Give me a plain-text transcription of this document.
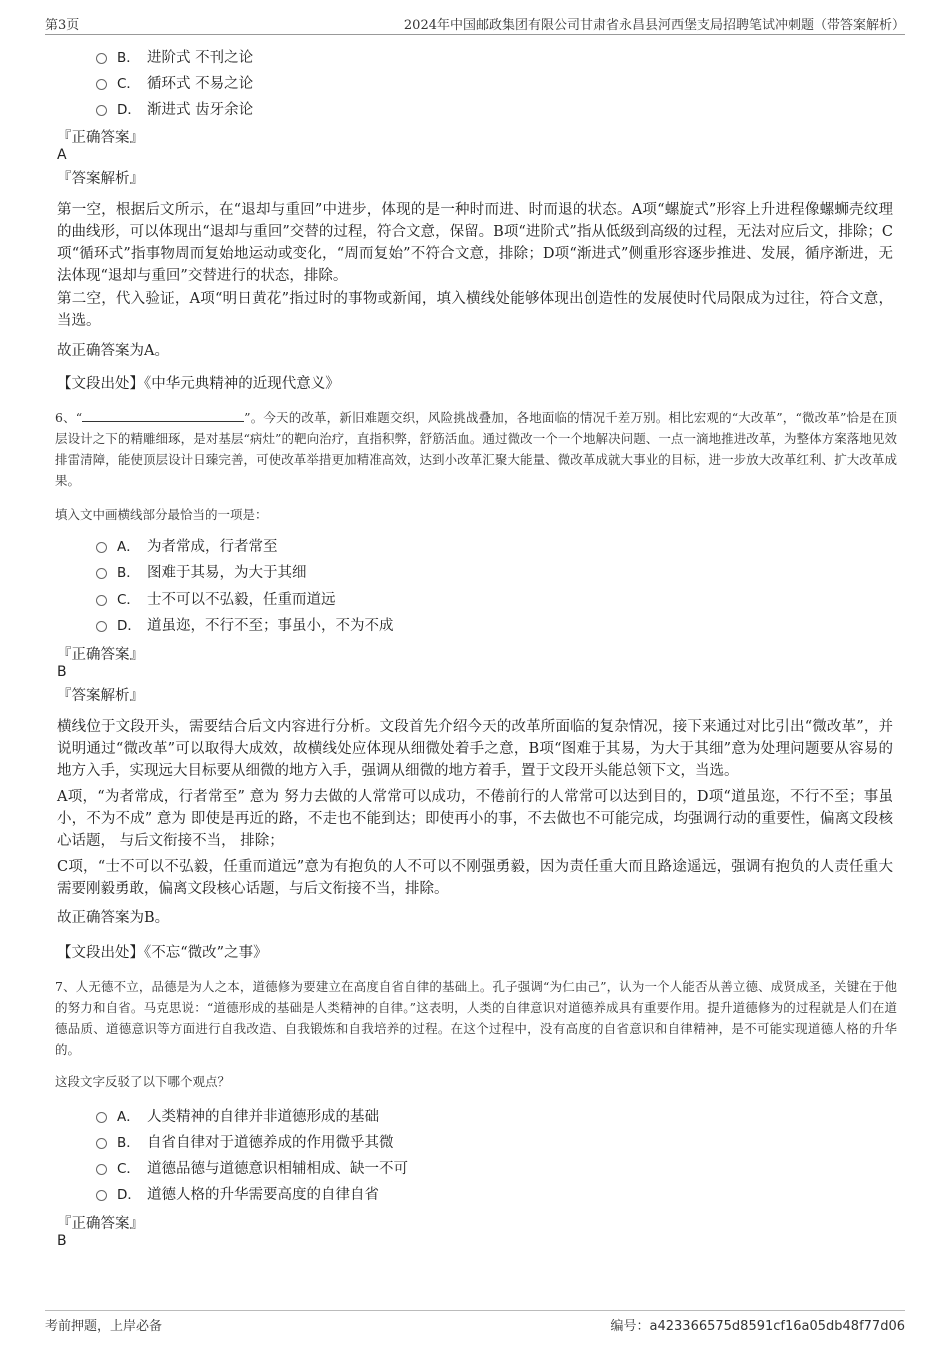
第3页	2024年中国邮政集团有限公司甘肃省永昌县河西堡支局招聘笔试冲刺题（带答案解析）
B． 进阶式 不刊之论
C． 循环式 不易之论
D． 渐进式 齿牙余论
『正确答案』
A
『答案解析』
第一空，根据后文所示，在“退却与重回”中进步，体现的是一种时而进、时而退的状态。A项“螺旋式”形容上升进程像螺蛳壳纹理的曲线形，可以体现出“退却与重回”交替的过程，符合文意，保留。B项“进阶式”指从低级到高级的过程，无法对应后文，排除；C项“循环式”指事物周而复始地运动或变化，“周而复始”不符合文意，排除；D项“渐进式”侧重形容逐步推进、发展，循序渐进，无法体现“退却与重回”交替进行的状态，排除。
第二空，代入验证，A项“明日黄花”指过时的事物或新闻，填入横线处能够体现出创造性的发展使时代局限成为过往，符合文意，当选。
故正确答案为A。
【文段出处】《中华元典精神的近现代意义》
6、“	”。今天的改革，新旧难题交织，风险挑战叠加，各地面临的情况千差万别。相比宏观的“大改革”，“微改革”恰是在顶层设计之下的精雕细琢，是对基层“病灶”的靶向治疗，直指积弊，舒筋活血。通过微改一个一个地解决问题、一点一滴地推进改革，为整体方案落地见效排雷清障，能使顶层设计日臻完善，可使改革举措更加精准高效，达到小改革汇聚大能量、微改革成就大事业的目标，进一步放大改革红利、扩大改革成果。
填入文中画横线部分最恰当的一项是：
A． 为者常成，行者常至
B． 图难于其易，为大于其细
C． 士不可以不弘毅，任重而道远
D． 道虽迩，不行不至；事虽小，不为不成
『正确答案』
B
『答案解析』
横线位于文段开头，需要结合后文内容进行分析。文段首先介绍今天的改革所面临的复杂情况，接下来通过对比引出“微改革”，并说明通过“微改革”可以取得大成效，故横线处应体现从细微处着手之意，B项“图难于其易，为大于其细”意为处理问题要从容易的地方入手，实现远大目标要从细微的地方入手，强调从细微的地方着手，置于文段开头能总领下文，当选。
A项，“为者常成，行者常至” 意为 努力去做的人常常可以成功，不倦前行的人常常可以达到目的，D项“道虽迩，不行不至；事虽小，不为不成” 意为 即使是再近的路，不走也不能到达；即使再小的事，不去做也不可能完成，均强调行动的重要性，偏离文段核心话题， 与后文衔接不当， 排除；
C项，“士不可以不弘毅，任重而道远”意为有抱负的人不可以不刚强勇毅，因为责任重大而且路途遥远，强调有抱负的人责任重大需要刚毅勇敢，偏离文段核心话题，与后文衔接不当，排除。
故正确答案为B。
【文段出处】《不忘“微改”之事》
7、人无德不立，品德是为人之本，道德修为要建立在高度自省自律的基础上。孔子强调“为仁由己”，认为一个人能否从善立德、成贤成圣，关键在于他的努力和自省。马克思说：“道德形成的基础是人类精神的自律。”这表明，人类的自律意识对道德养成具有重要作用。提升道德修为的过程就是人们在道德品质、道德意识等方面进行自我改造、自我锻炼和自我培养的过程。在这个过程中，没有高度的自省意识和自律精神，是不可能实现道德人格的升华的。
这段文字反驳了以下哪个观点？
A． 人类精神的自律并非道德形成的基础
B． 自省自律对于道德养成的作用微乎其微
C． 道德品德与道德意识相辅相成、缺一不可
D． 道德人格的升华需要高度的自律自省
『正确答案』
B
考前押题，上岸必备	编号：a423366575d8591cf16a05db48f77d06
